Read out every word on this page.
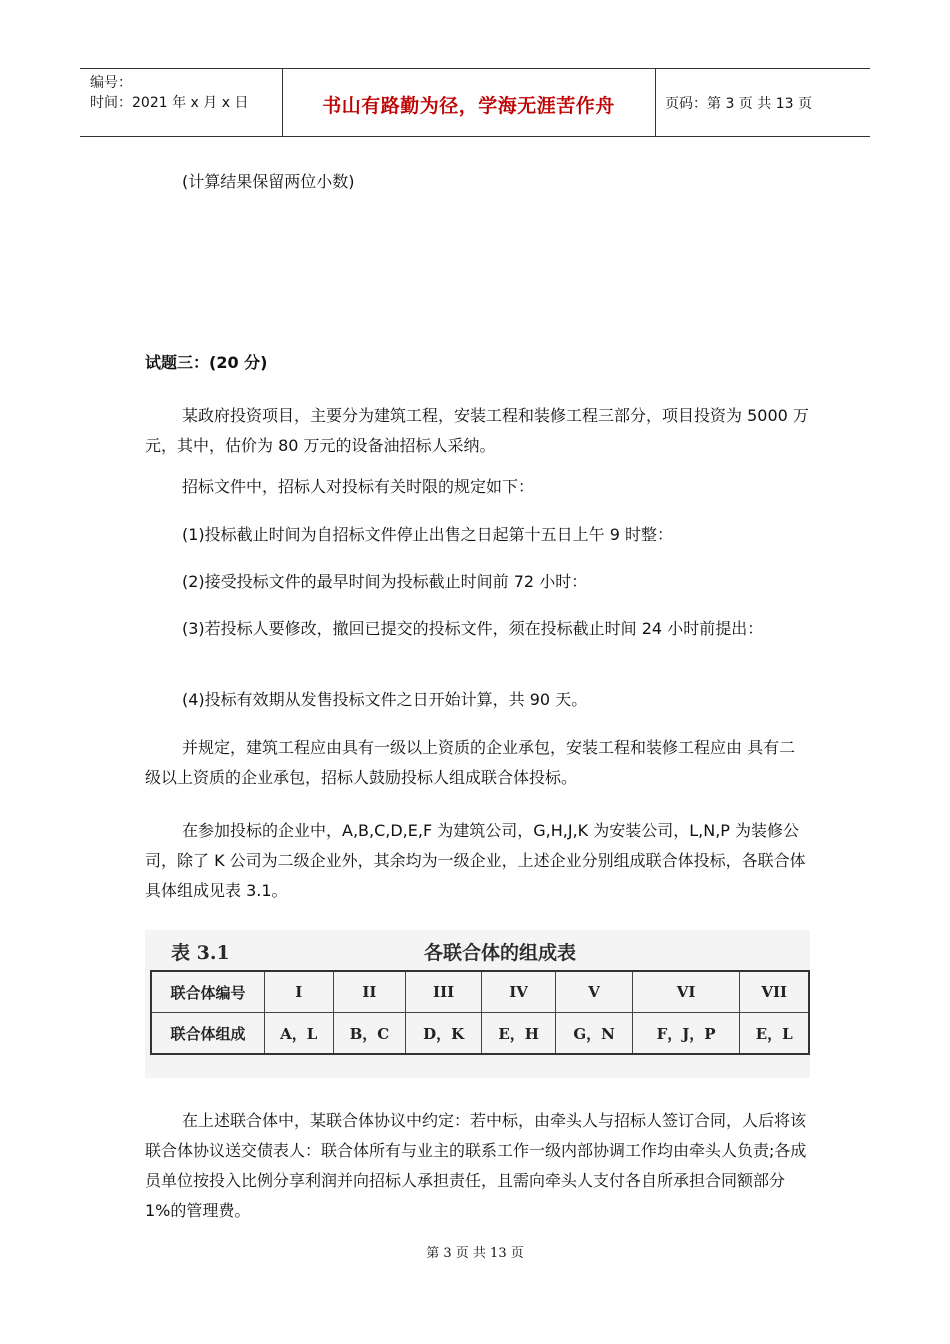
编号：
时间：2021 年 x 月 x 日	书山有路勤为径，学海无涯苦作舟	页码：第 3 页 共 13 页
(计算结果保留两位小数)
试题三：(20 分)

某政府投资项目，主要分为建筑工程，安装工程和装修工程三部分，项目投资为 5000 万元，其中，估价为 80 万元的设备油招标人采纳。

招标文件中，招标人对投标有关时限的规定如下：

(1)投标截止时间为自招标文件停止出售之日起第十五日上午 9 时整：

(2)接受投标文件的最早时间为投标截止时间前 72 小时：

(3)若投标人要修改，撤回已提交的投标文件，须在投标截止时间 24 小时前提出：

(4)投标有效期从发售投标文件之日开始计算，共 90 天。

并规定，建筑工程应由具有一级以上资质的企业承包，安装工程和装修工程应由 具有二级以上资质的企业承包，招标人鼓励投标人组成联合体投标。

在参加投标的企业中，A,B,C,D,E,F 为建筑公司，G,H,J,K 为安装公司，L,N,P 为装修公司，除了 K 公司为二级企业外，其余均为一级企业，上述企业分别组成联合体投标，各联合体具体组成见表 3.1。

表 3.1	各联合体的组成表
联合体编号	I	II	III	IV	V	VI	VII
联合体组成	A，L	B，C	D，K	E，H	G，N	F，J，P	E，L

在上述联合体中，某联合体协议中约定：若中标，由牵头人与招标人签订合同，人后将该联合体协议送交债表人：联合体所有与业主的联系工作一级内部协调工作均由牵头人负责;各成员单位按投入比例分享利润并向招标人承担责任，且需向牵头人支付各自所承担合同额部分 1%的管理费。

第 3 页 共 13 页
